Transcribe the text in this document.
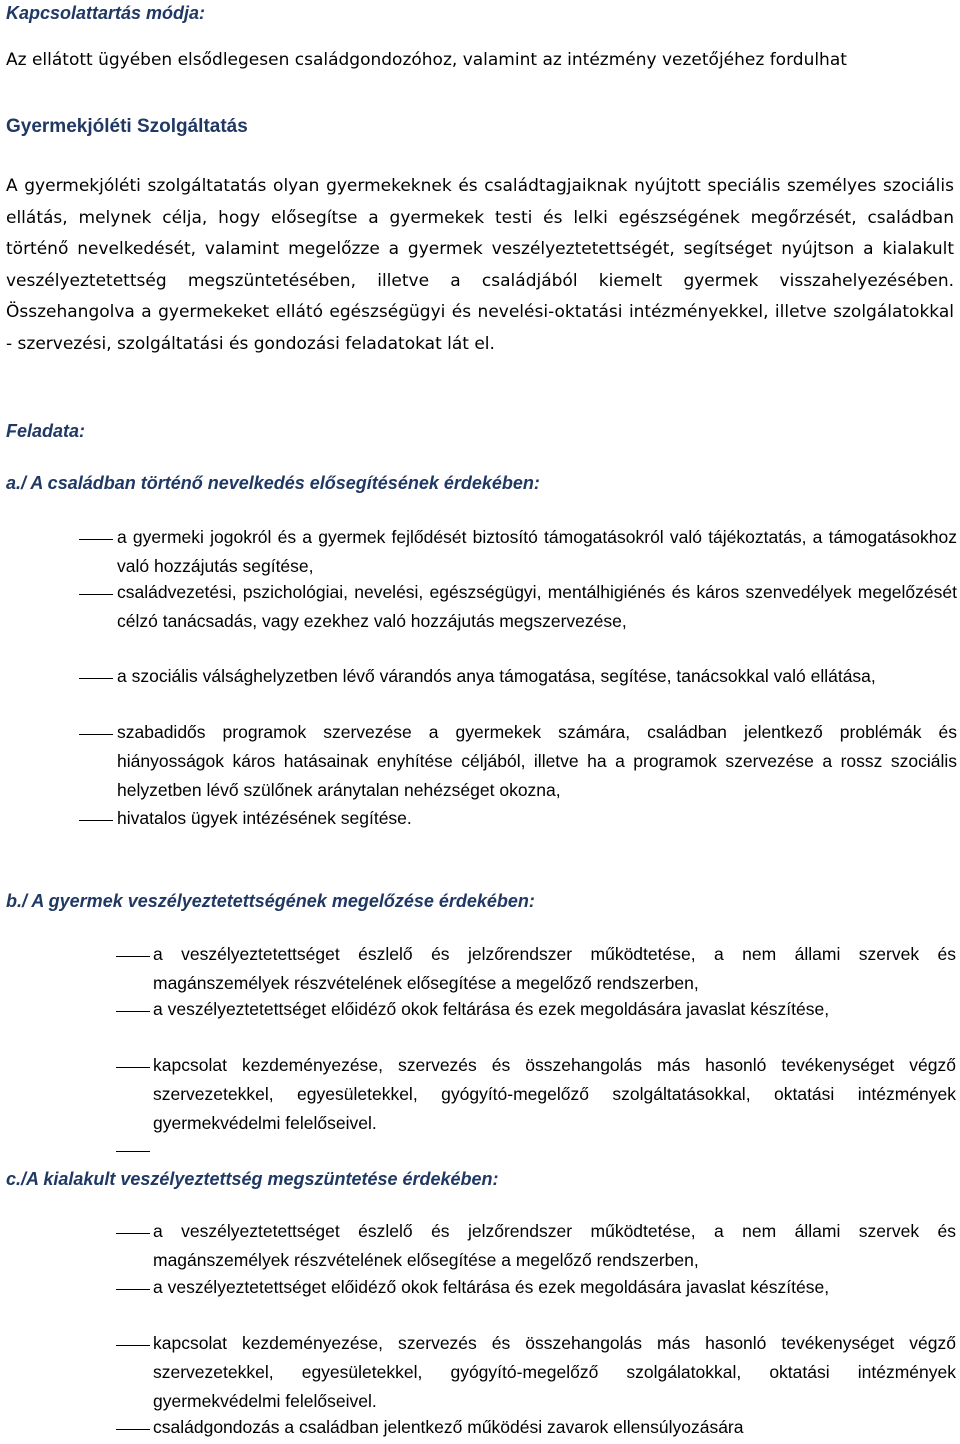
Kapcsolattartás módja:
Az ellátott ügyében elsődlegesen családgondozóhoz, valamint az intézmény vezetőjéhez fordulhat
Gyermekjóléti Szolgáltatás
A gyermekjóléti szolgáltatatás olyan gyermekeknek és családtagjaiknak nyújtott speciális személyes szociális ellátás, melynek célja, hogy elősegítse a gyermekek testi és lelki egészségének megőrzését, családban történő nevelkedését, valamint megelőzze a gyermek veszélyeztetettségét, segítséget nyújtson a kialakult veszélyeztetettség megszüntetésében, illetve a családjából kiemelt gyermek visszahelyezésében. Összehangolva a gyermekeket ellátó egészségügyi és nevelési-oktatási intézményekkel, illetve szolgálatokkal - szervezési, szolgáltatási és gondozási feladatokat lát el.
Feladata:
a./ A családban történő nevelkedés elősegítésének érdekében:
a gyermeki jogokról és a gyermek fejlődését biztosító támogatásokról való tájékoztatás, a támogatásokhoz való hozzájutás segítése,
családvezetési, pszichológiai, nevelési, egészségügyi, mentálhigiénés és káros szenvedélyek megelőzését célzó tanácsadás, vagy ezekhez való hozzájutás megszervezése,
a szociális válsághelyzetben lévő várandós anya támogatása, segítése, tanácsokkal való ellátása,
szabadidős programok szervezése a gyermekek számára, családban jelentkező problémák és hiányosságok káros hatásainak enyhítése céljából, illetve ha a programok szervezése a rossz szociális helyzetben lévő szülőnek aránytalan nehézséget okozna,
hivatalos ügyek intézésének segítése.
b./ A gyermek veszélyeztetettségének megelőzése érdekében:
a veszélyeztetettséget észlelő és jelzőrendszer működtetése, a nem állami szervek és magánszemélyek részvételének elősegítése a megelőző rendszerben,
a veszélyeztetettséget előidéző okok feltárása és ezek megoldására javaslat készítése,
kapcsolat kezdeményezése, szervezés és összehangolás más hasonló tevékenységet végző szervezetekkel, egyesületekkel, gyógyító-megelőző szolgáltatásokkal, oktatási intézmények gyermekvédelmi felelőseivel.
c./A kialakult veszélyeztettség megszüntetése érdekében:
a veszélyeztetettséget észlelő és jelzőrendszer működtetése, a nem állami szervek és magánszemélyek részvételének elősegítése a megelőző rendszerben,
a veszélyeztetettséget előidéző okok feltárása és ezek megoldására javaslat készítése,
kapcsolat kezdeményezése, szervezés és összehangolás más hasonló tevékenységet végző szervezetekkel, egyesületekkel, gyógyító-megelőző szolgálatokkal, oktatási intézmények gyermekvédelmi felelőseivel.
családgondozás a családban jelentkező működési zavarok ellensúlyozására
